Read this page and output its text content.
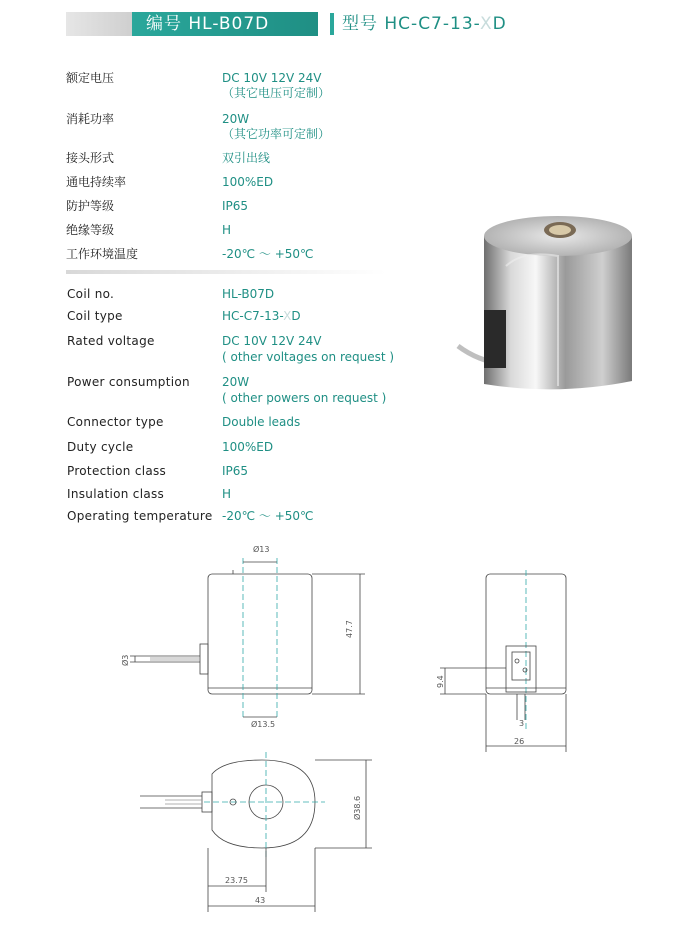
编号 HL-B07D	型号 HC-C7-13-XD
额定电压	DC 10V 12V 24V
（其它电压可定制）
消耗功率	20W
（其它功率可定制）
接头形式	双引出线
通电持续率	100%ED
防护等级	IP65
绝缘等级	H
工作环境温度	-20℃ ～ +50℃
Coil no.	HL-B07D
Coil type	HC-C7-13-XD
Rated voltage	DC 10V 12V 24V
( other voltages on request )
Power consumption	20W
( other powers on request )
Connector type	Double leads
Duty cycle	100%ED
Protection class	IP65
Insulation class	H
Operating temperature -20℃ ～ +50℃
Ø13
Ø13.5
47.7
Ø3
9.4
3
26
Ø38.6
23.75
43
